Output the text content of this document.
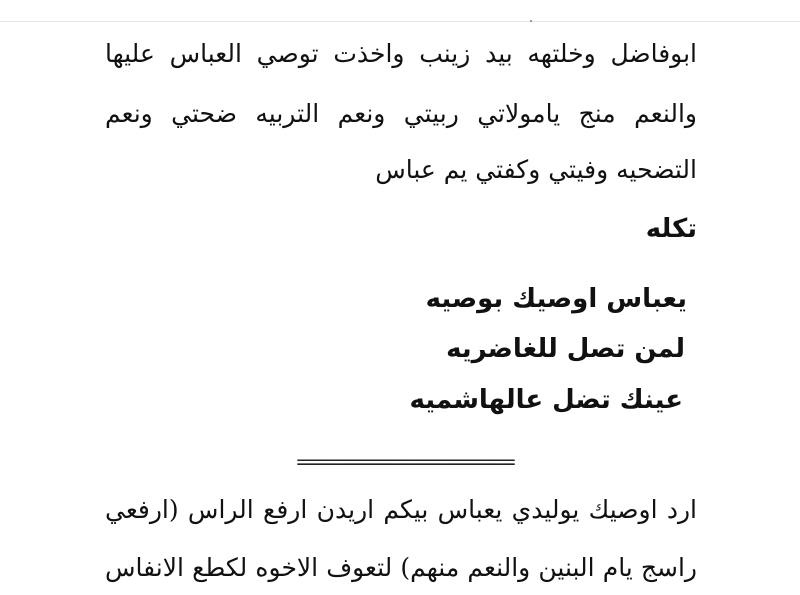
ابوفاضل وخلتهه بيد زينب واخذت توصي العباس عليها
والنعم منج يامولاتي ربيتي ونعم التربيه ضحتي ونعم
التضحيه وفيتي وكفتي يم عباس
تكله
يعباس اوصيك بوصيه
لمن تصل للغاضريه
عينك تضل عالهاشميه
=======================
ارد اوصيك يوليدي يعباس بيكم اريدن ارفع الراس (ارفعي
راسج يام البنين والنعم منهم) لتعوف الاخوه لكطع الانفاس
